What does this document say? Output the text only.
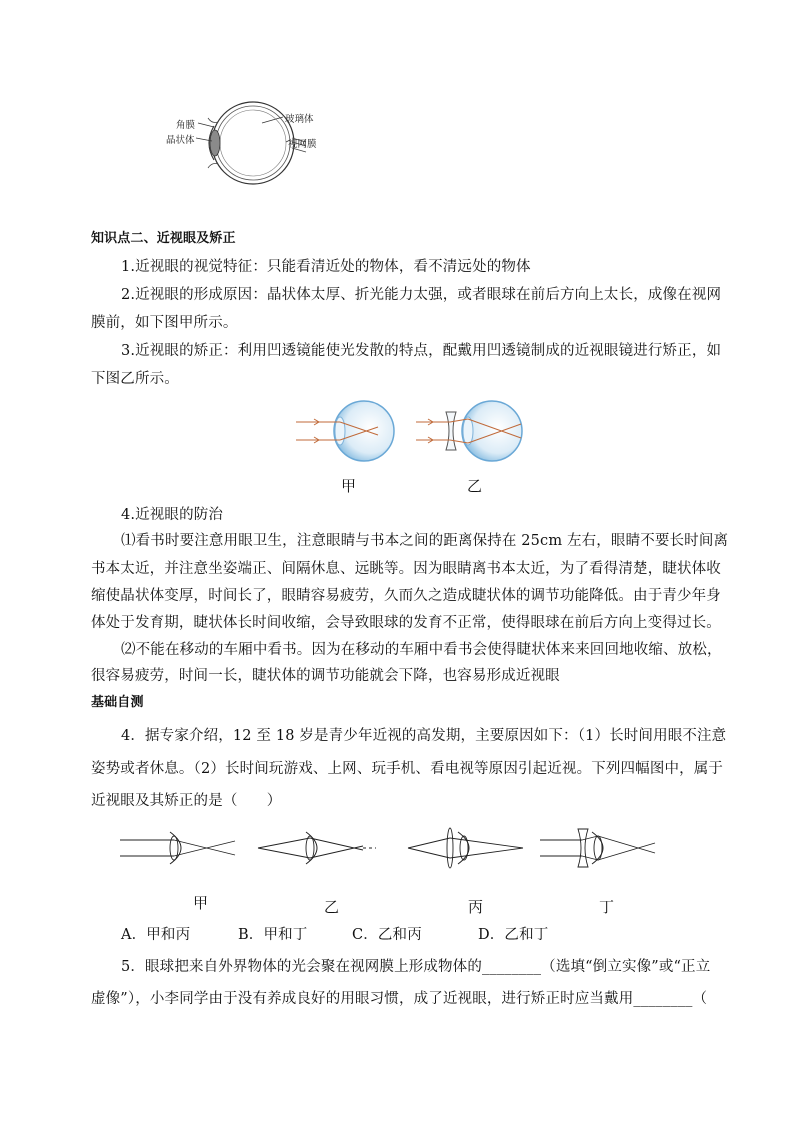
角膜
晶状体
玻璃体
视网膜
知识点二、近视眼及矫正
1.近视眼的视觉特征：只能看清近处的物体，看不清远处的物体
2.近视眼的形成原因：晶状体太厚、折光能力太强，或者眼球在前后方向上太长，成像在视网
膜前，如下图甲所示。
3.近视眼的矫正：利用凹透镜能使光发散的特点，配戴用凹透镜制成的近视眼镜进行矫正，如
下图乙所示。
甲	乙
4.近视眼的防治
⑴看书时要注意用眼卫生，注意眼睛与书本之间的距离保持在 25cm 左右，眼睛不要长时间离
书本太近，并注意坐姿端正、间隔休息、远眺等。因为眼睛离书本太近，为了看得清楚，睫状体收
缩使晶状体变厚，时间长了，眼睛容易疲劳，久而久之造成睫状体的调节功能降低。由于青少年身
体处于发育期，睫状体长时间收缩，会导致眼球的发育不正常，使得眼球在前后方向上变得过长。
⑵不能在移动的车厢中看书。因为在移动的车厢中看书会使得睫状体来来回回地收缩、放松，
很容易疲劳，时间一长，睫状体的调节功能就会下降，也容易形成近视眼
基础自测
4．据专家介绍，12 至 18 岁是青少年近视的高发期，主要原因如下：（1）长时间用眼不注意
姿势或者休息。（2）长时间玩游戏、上网、玩手机、看电视等原因引起近视。下列四幅图中，属于
近视眼及其矫正的是（　　）
甲	乙	丙	丁
A．甲和丙	B．甲和丁	C．乙和丙	D．乙和丁
5．眼球把来自外界物体的光会聚在视网膜上形成物体的________（选填“倒立实像”或“正立
虚像”），小李同学由于没有养成良好的用眼习惯，成了近视眼，进行矫正时应当戴用________（
